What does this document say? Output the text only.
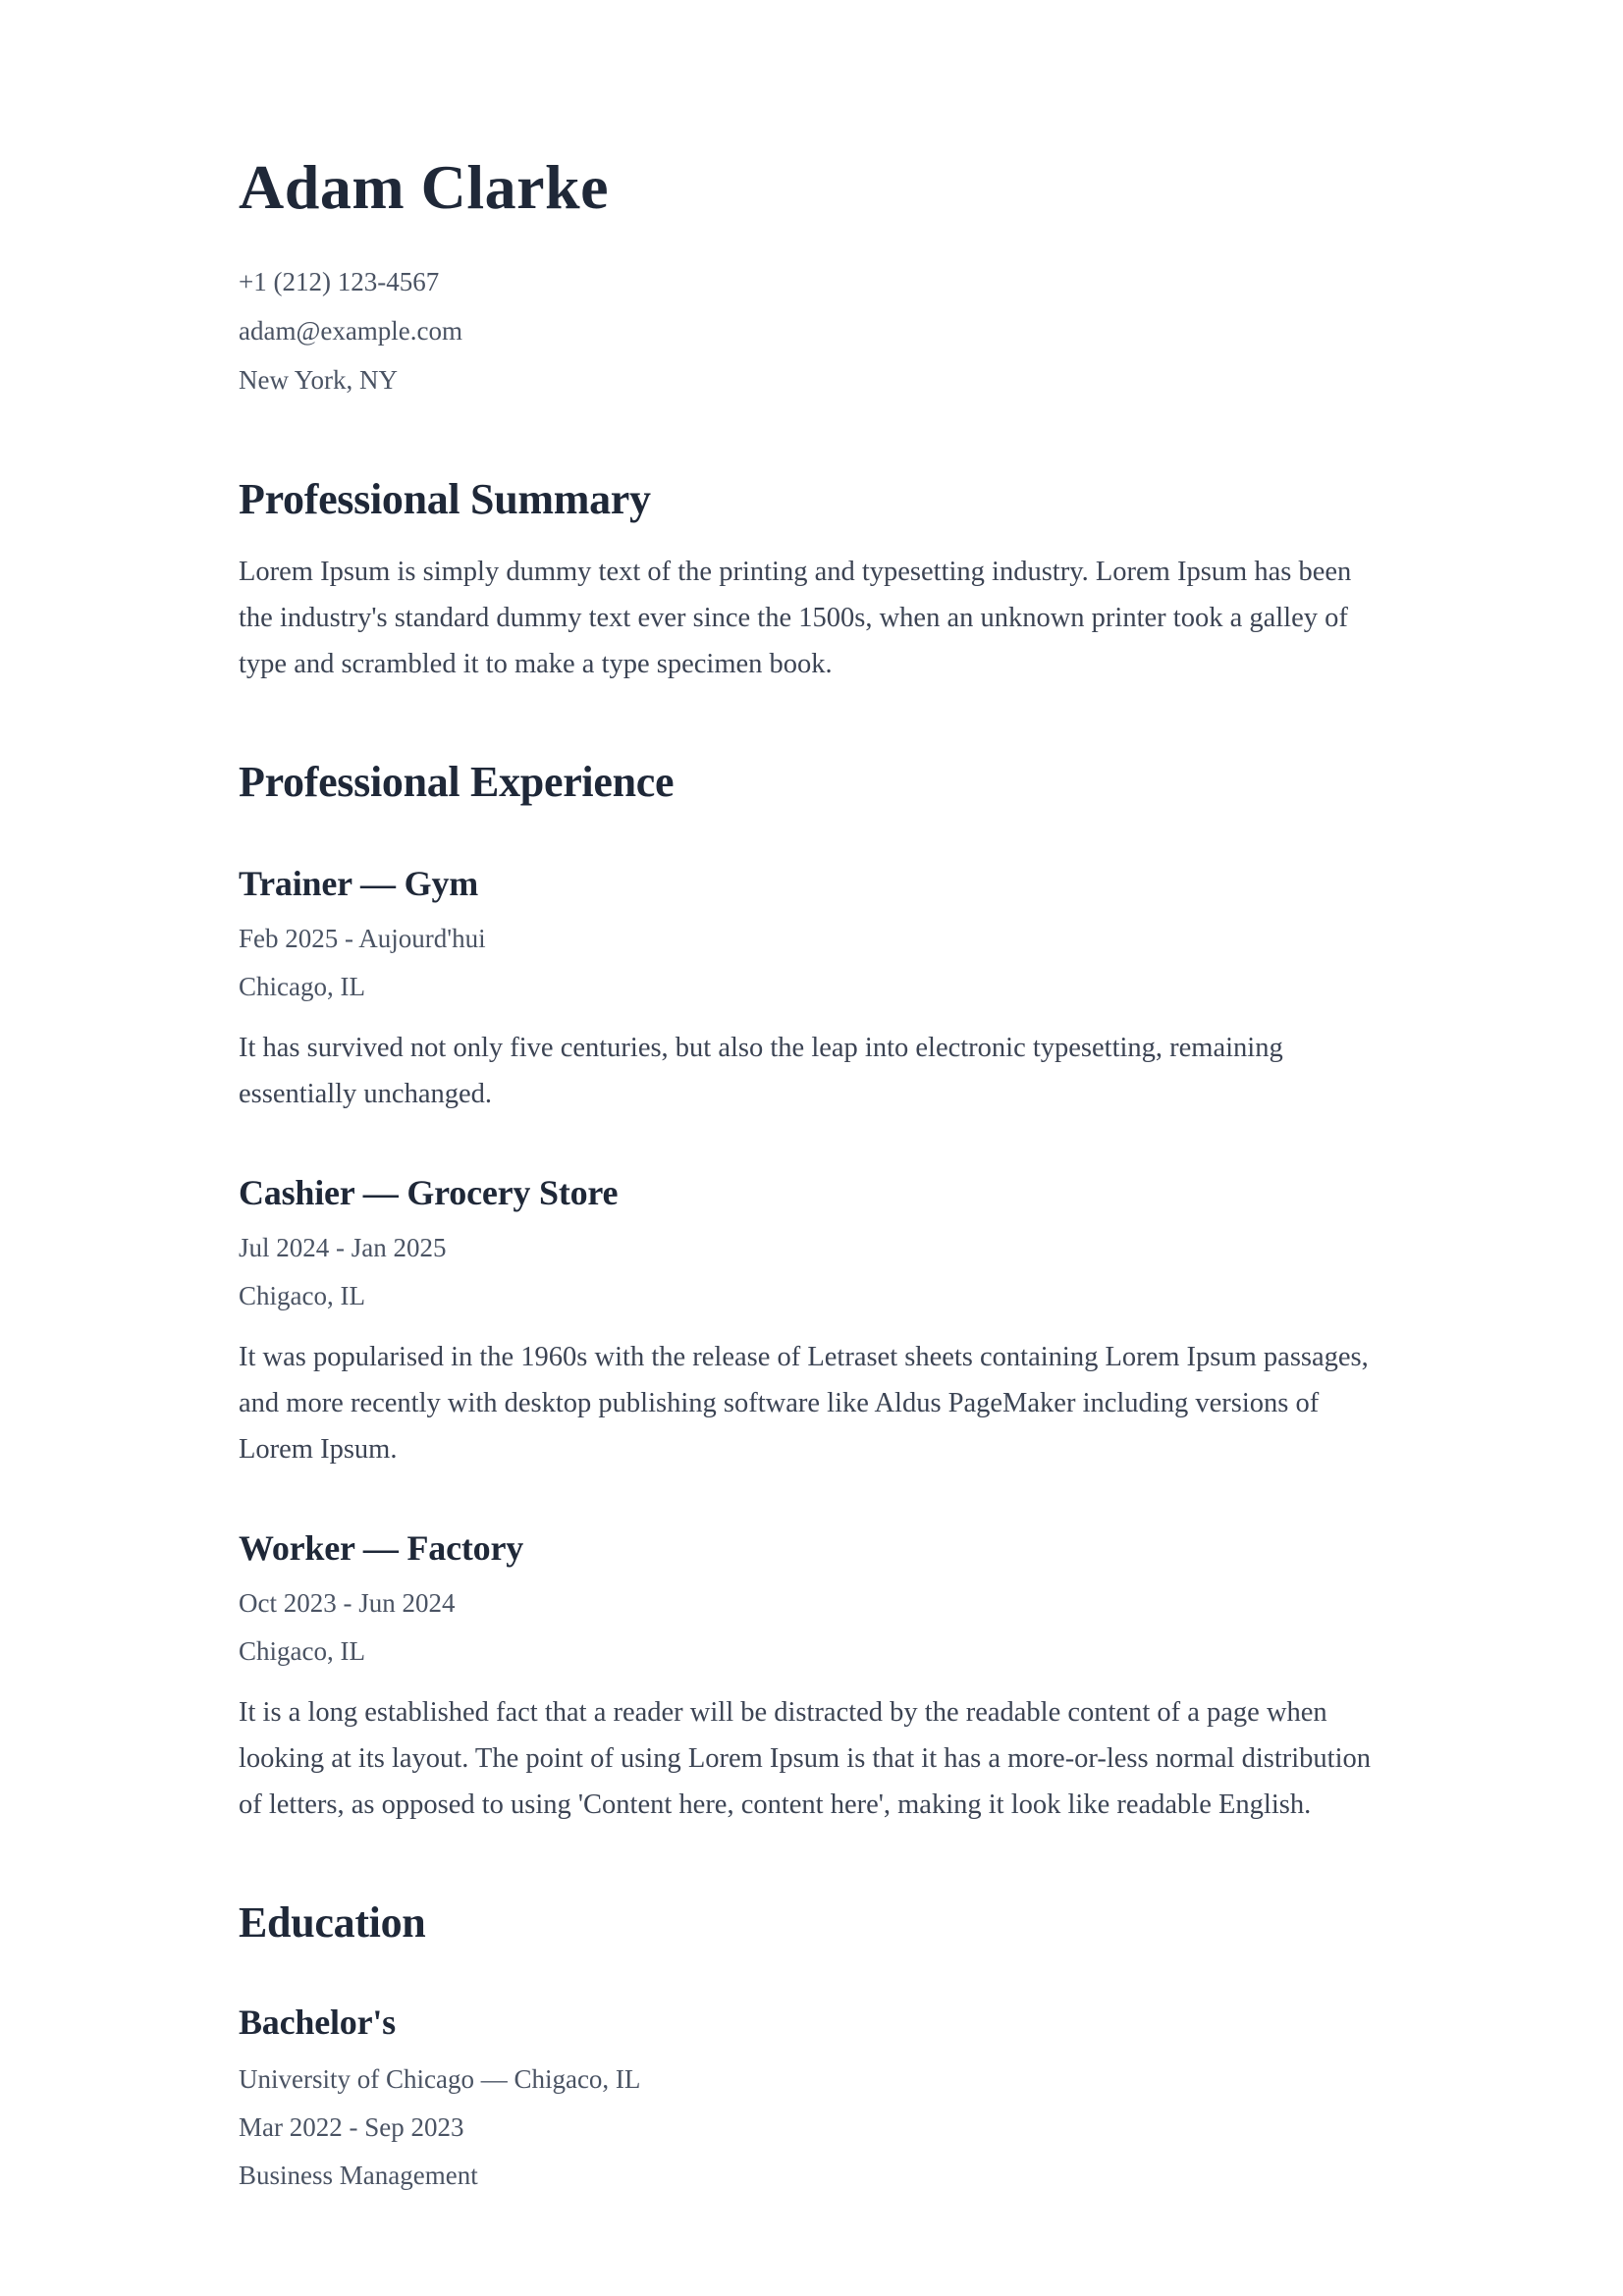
Adam Clarke
+1 (212) 123-4567
adam@example.com
New York, NY
Professional Summary

Lorem Ipsum is simply dummy text of the printing and typesetting industry. Lorem Ipsum has been the industry's standard dummy text ever since the 1500s, when an unknown printer took a galley of type and scrambled it to make a type specimen book.

Professional Experience
Trainer — Gym
Feb 2025 - Aujourd'hui
Chicago, IL

It has survived not only five centuries, but also the leap into electronic typesetting, remaining essentially unchanged.

Cashier — Grocery Store
Jul 2024 - Jan 2025
Chigaco, IL

It was popularised in the 1960s with the release of Letraset sheets containing Lorem Ipsum passages, and more recently with desktop publishing software like Aldus PageMaker including versions of Lorem Ipsum.

Worker — Factory
Oct 2023 - Jun 2024
Chigaco, IL

It is a long established fact that a reader will be distracted by the readable content of a page when looking at its layout. The point of using Lorem Ipsum is that it has a more-or-less normal distribution of letters, as opposed to using 'Content here, content here', making it look like readable English.

Education
Bachelor's
University of Chicago — Chigaco, IL
Mar 2022 - Sep 2023
Business Management
